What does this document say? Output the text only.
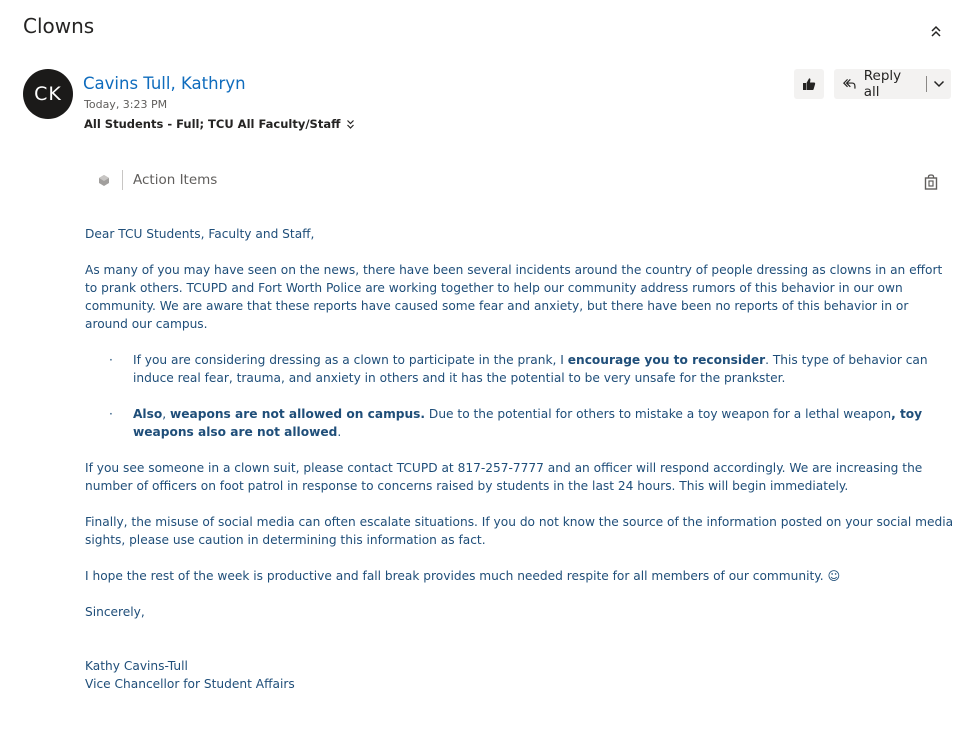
Clowns
CK	Cavins Tull, Kathryn
Today, 3:23 PM
All Students - Full; TCU All Faculty/Staff
Reply all
Action Items

Dear TCU Students, Faculty and Staff,

As many of you may have seen on the news, there have been several incidents around the country of people dressing as clowns in an effort to prank others. TCUPD and Fort Worth Police are working together to help our community address rumors of this behavior in our own community. We are aware that these reports have caused some fear and anxiety, but there have been no reports of this behavior in or around our campus.

· If you are considering dressing as a clown to participate in the prank, I encourage you to reconsider. This type of behavior can induce real fear, trauma, and anxiety in others and it has the potential to be very unsafe for the prankster.
· Also, weapons are not allowed on campus. Due to the potential for others to mistake a toy weapon for a lethal weapon, toy weapons also are not allowed.

If you see someone in a clown suit, please contact TCUPD at 817-257-7777 and an officer will respond accordingly. We are increasing the number of officers on foot patrol in response to concerns raised by students in the last 24 hours. This will begin immediately.

Finally, the misuse of social media can often escalate situations. If you do not know the source of the information posted on your social media sights, please use caution in determining this information as fact.

I hope the rest of the week is productive and fall break provides much needed respite for all members of our community. ☺

Sincerely,

Kathy Cavins-Tull
Vice Chancellor for Student Affairs
